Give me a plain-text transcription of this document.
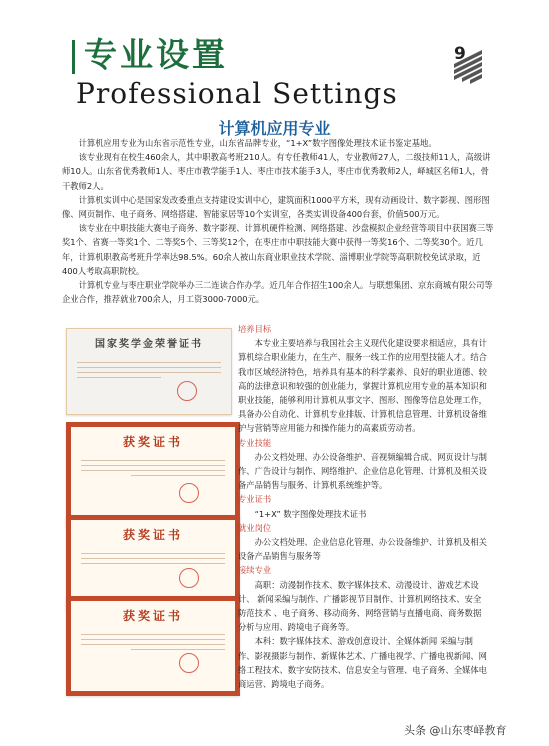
专业设置
Professional Settings
9
计算机应用专业

计算机应用专业为山东省示范性专业，山东省品牌专业，“1+X”数字图像处理技术证书鉴定基地。

该专业现有在校生460余人，其中职教高考班210人。有专任教师41人，专业教师27人，二级技师11人，高级讲师10人。山东省优秀教师1人、枣庄市教学能手1人、枣庄市技术能手3人，枣庄市优秀教师2人，峄城区名师1人，骨干教师2人。

计算机实训中心是国家发改委重点支持建设实训中心，建筑面积1000平方米，现有动画设计、数字影视、图形图像、网页制作、电子商务、网络搭建、智能家居等10个实训室，各类实训设备400台套，价值500万元。

该专业在中职技能大赛电子商务、数字影视、计算机硬件检测、网络搭建、沙盘模拟企业经营等项目中获国赛三等奖1个、省赛一等奖1个、二等奖5个、三等奖12个，在枣庄市中职技能大赛中获得一等奖16个、二等奖30个。近几年，计算机职教高考班升学率达98.5%。60余人被山东商业职业技术学院、淄博职业学院等高职院校免试录取，近400人考取高职院校。

计算机专业与枣庄职业学院举办三二连读合作办学。近几年合作招生100余人。与联想集团、京东商城有限公司等企业合作，推荐就业700余人，月工资3000-7000元。

国家奖学金荣誉证书
获奖证书
获奖证书
获奖证书

培养目标

本专业主要培养与我国社会主义现代化建设要求相适应，具有计算机综合职业能力，在生产、服务一线工作的应用型技能人才。结合我市区域经济特色，培养具有基本的科学素养、良好的职业道德、较高的法律意识和较强的创业能力，掌握计算机应用专业的基本知识和职业技能，能够利用计算机从事文字、图形、图像等信息处理工作，具备办公自动化、计算机专业排版、计算机信息管理、计算机设备维护与营销等应用能力和操作能力的高素质劳动者。

专业技能

办公文档处理、办公设备维护、音视频编辑合成、网页设计与制作、广告设计与制作、网络维护、企业信息化管理、计算机及相关设备产品销售与服务、计算机系统维护等。

专业证书

“1+X” 数字图像处理技术证书

就业岗位

办公文档处理、企业信息化管理、办公设备维护、计算机及相关设备产品销售与服务等

接续专业

高职：动漫制作技术、数字媒体技术、动漫设计、游戏艺术设计、 新闻采编与制作、广播影视节目制作、计算机网络技术、安全防范技术 、电子商务、移动商务、网络营销与直播电商、商务数据分析与应用、跨境电子商务等。

本科：数字媒体技术、游戏创意设计、全媒体新闻 采编与制作、影视摄影与制作、新媒体艺术、广播电视学、广播电视新闻、网络工程技术、数字安防技术、信息安全与管理、电子商务、全媒体电商运营、跨境电子商务。

头条 @山东枣峄教育
